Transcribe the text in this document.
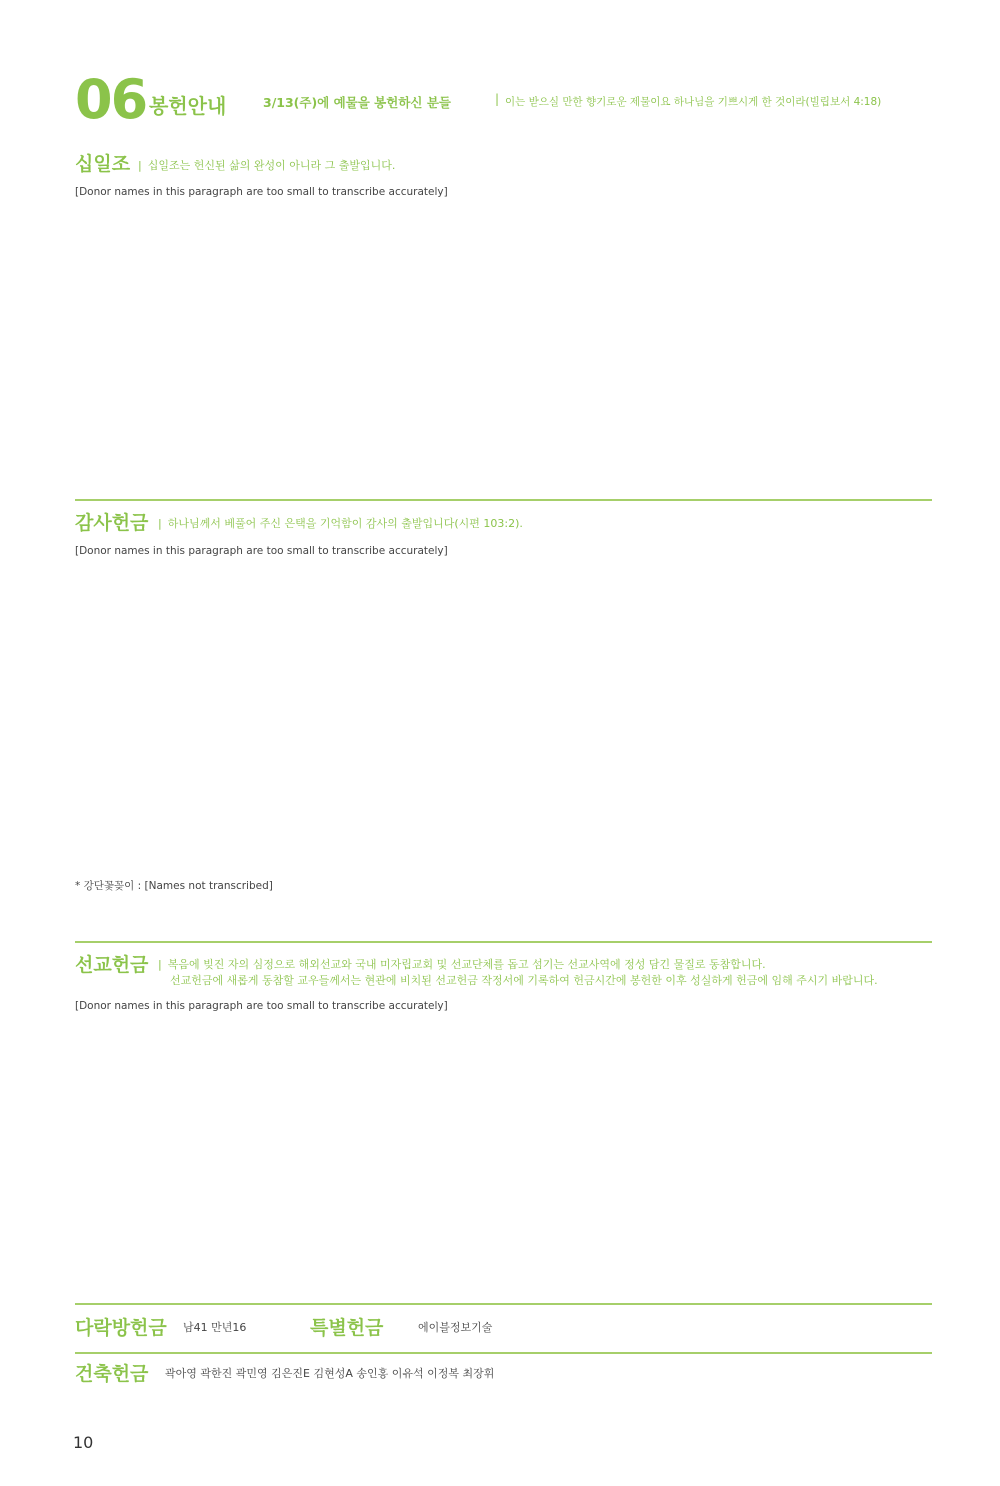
06 봉헌안내	3/13(주)에 예물을 봉헌하신 분들	| 이는 받으실 만한 향기로운 제물이요 하나님을 기쁘시게 한 것이라(빌립보서 4:18)
십일조 | 십일조는 헌신된 삶의 완성이 아니라 그 출발입니다.
[Donor names in this paragraph are too small to transcribe accurately]
감사헌금 | 하나님께서 베풀어 주신 은택을 기억함이 감사의 출발입니다(시편 103:2).
[Donor names in this paragraph are too small to transcribe accurately]
* 강단꽃꽂이 : [Names not transcribed]
선교헌금 | 복음에 빚진 자의 심정으로 해외선교와 국내 미자립교회 및 선교단체를 돕고 섬기는 선교사역에 정성 담긴 물질로 동참합니다.
선교헌금에 새롭게 동참할 교우들께서는 현관에 비치된 선교헌금 작정서에 기록하여 헌금시간에 봉헌한 이후 성실하게 헌금에 임해 주시기 바랍니다.
[Donor names in this paragraph are too small to transcribe accurately]
다락방헌금 남41 만년16	특별헌금	에이블정보기술
건축헌금 곽아영 곽한진 곽민영 김은진E 김현성A 송인홍 이유석 이정복 최장휘
10
